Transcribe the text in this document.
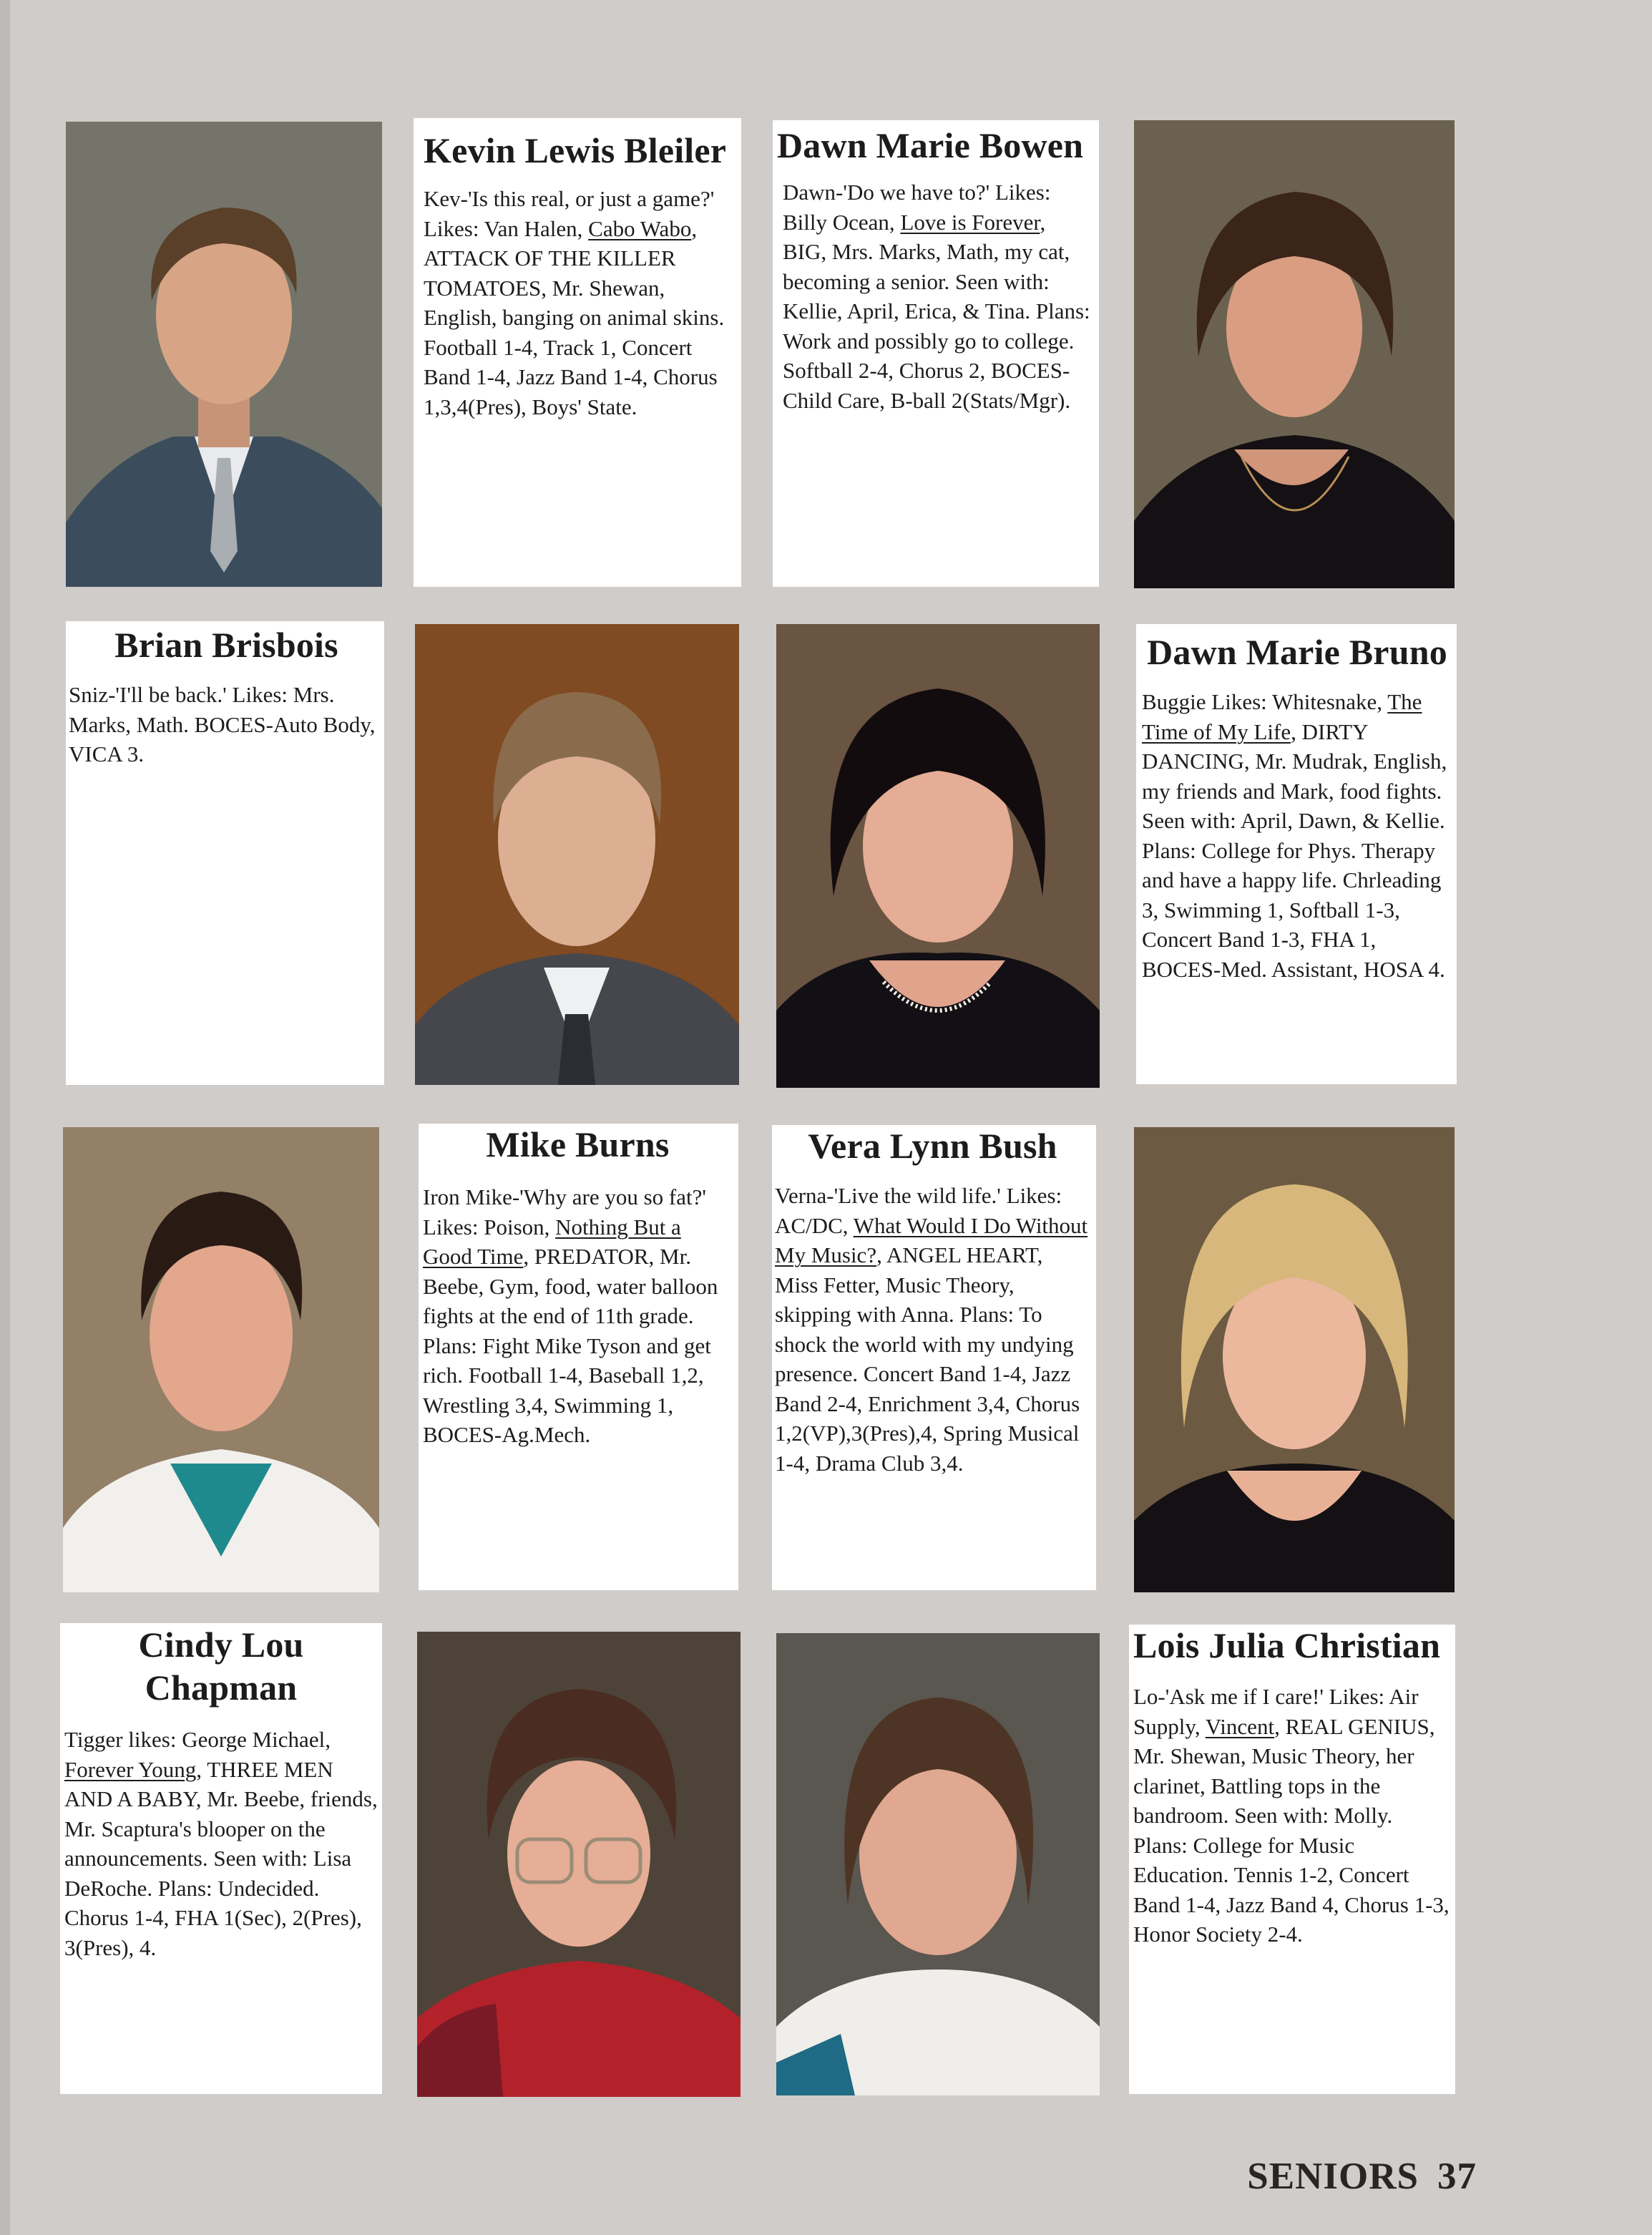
Kevin Lewis Bleiler

Kev-'Is this real, or just a game?' Likes: Van Halen, Cabo Wabo, ATTACK OF THE KILLER TOMATOES, Mr. Shewan, English, banging on animal skins. Football 1-4, Track 1, Concert Band 1-4, Jazz Band 1-4, Chorus 1,3,4(Pres), Boys' State.

Dawn Marie Bowen

Dawn-'Do we have to?' Likes: Billy Ocean, Love is Forever, BIG, Mrs. Marks, Math, my cat, becoming a senior. Seen with: Kellie, April, Erica, & Tina. Plans: Work and possibly go to college. Softball 2-4, Chorus 2, BOCES-Child Care, B-ball 2(Stats/Mgr).

Brian Brisbois

Sniz-'I'll be back.' Likes: Mrs. Marks, Math. BOCES-Auto Body, VICA 3.

Dawn Marie Bruno

Buggie Likes: Whitesnake, The Time of My Life, DIRTY DANCING, Mr. Mudrak, English, my friends and Mark, food fights. Seen with: April, Dawn, & Kellie. Plans: College for Phys. Therapy and have a happy life. Chrleading 3, Swimming 1, Softball 1-3, Concert Band 1-3, FHA 1, BOCES-Med. Assistant, HOSA 4.

Mike Burns

Iron Mike-'Why are you so fat?' Likes: Poison, Nothing But a Good Time, PREDATOR, Mr. Beebe, Gym, food, water balloon fights at the end of 11th grade. Plans: Fight Mike Tyson and get rich. Football 1-4, Baseball 1,2, Wrestling 3,4, Swimming 1, BOCES-Ag.Mech.

Vera Lynn Bush

Verna-'Live the wild life.' Likes: AC/DC, What Would I Do Without My Music?, ANGEL HEART, Miss Fetter, Music Theory, skipping with Anna. Plans: To shock the world with my undying presence. Concert Band 1-4, Jazz Band 2-4, Enrichment 3,4, Chorus 1,2(VP),3(Pres),4, Spring Musical 1-4, Drama Club 3,4.

Cindy Lou Chapman

Tigger likes: George Michael, Forever Young, THREE MEN AND A BABY, Mr. Beebe, friends, Mr. Scaptura's blooper on the announcements. Seen with: Lisa DeRoche. Plans: Undecided. Chorus 1-4, FHA 1(Sec), 2(Pres), 3(Pres), 4.

Lois Julia Christian

Lo-'Ask me if I care!' Likes: Air Supply, Vincent, REAL GENIUS, Mr. Shewan, Music Theory, her clarinet, Battling tops in the bandroom. Seen with: Molly. Plans: College for Music Education. Tennis 1-2, Concert Band 1-4, Jazz Band 4, Chorus 1-3, Honor Society 2-4.

SENIORS 37
